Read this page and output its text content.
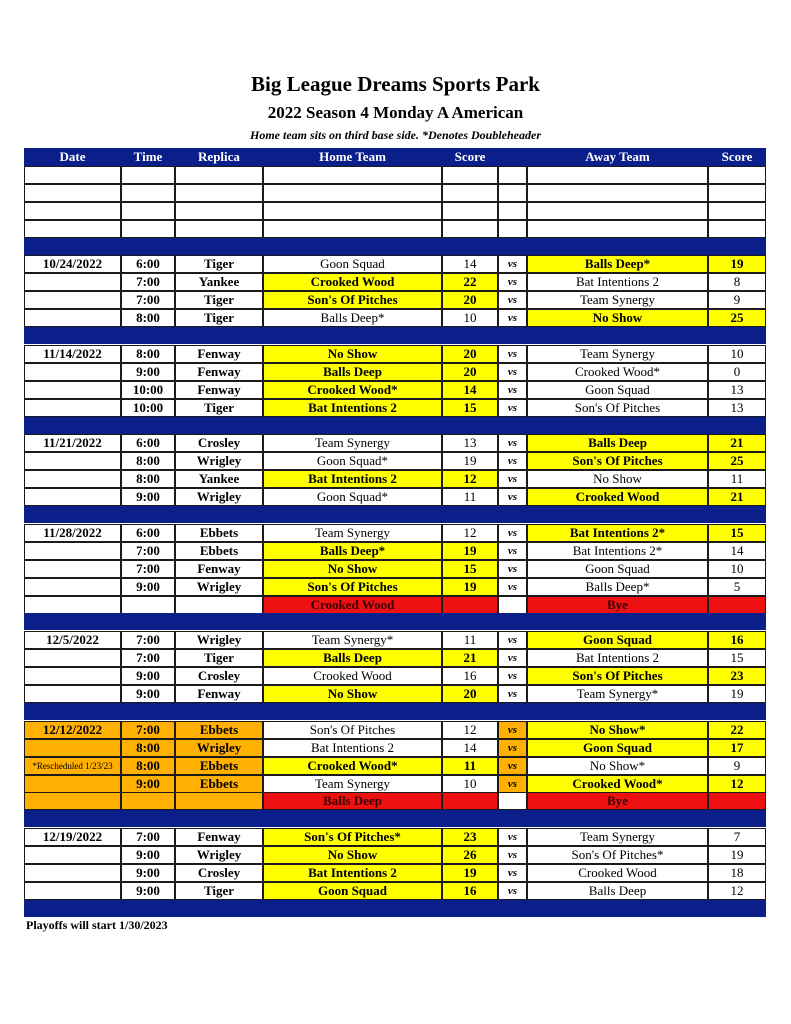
Big League Dreams Sports Park
2022 Season 4 Monday A American
Home team sits on third base side. *Denotes Doubleheader
Date	Time	Replica	Home Team	Score	Away Team	Score
10/24/2022	6:00	Tiger	Goon Squad	14	vs	Balls Deep*	19
7:00	Yankee	Crooked Wood	22	vs	Bat Intentions 2	8
7:00	Tiger	Son's Of Pitches	20	vs	Team Synergy	9
8:00	Tiger	Balls Deep*	10	vs	No Show	25
11/14/2022	8:00	Fenway	No Show	20	vs	Team Synergy	10
9:00	Fenway	Balls Deep	20	vs	Crooked Wood*	0
10:00	Fenway	Crooked Wood*	14	vs	Goon Squad	13
10:00	Tiger	Bat Intentions 2	15	vs	Son's Of Pitches	13
11/21/2022	6:00	Crosley	Team Synergy	13	vs	Balls Deep	21
8:00	Wrigley	Goon Squad*	19	vs	Son's Of Pitches	25
8:00	Yankee	Bat Intentions 2	12	vs	No Show	11
9:00	Wrigley	Goon Squad*	11	vs	Crooked Wood	21
11/28/2022	6:00	Ebbets	Team Synergy	12	vs	Bat Intentions 2*	15
7:00	Ebbets	Balls Deep*	19	vs	Bat Intentions 2*	14
7:00	Fenway	No Show	15	vs	Goon Squad	10
9:00	Wrigley	Son's Of Pitches	19	vs	Balls Deep*	5
Crooked Wood	Bye
12/5/2022	7:00	Wrigley	Team Synergy*	11	vs	Goon Squad	16
7:00	Tiger	Balls Deep	21	vs	Bat Intentions 2	15
9:00	Crosley	Crooked Wood	16	vs	Son's Of Pitches	23
9:00	Fenway	No Show	20	vs	Team Synergy*	19
12/12/2022	7:00	Ebbets	Son's Of Pitches	12	vs	No Show*	22
8:00	Wrigley	Bat Intentions 2	14	vs	Goon Squad	17
*Rescheduled 1/23/23	8:00	Ebbets	Crooked Wood*	11	vs	No Show*	9
9:00	Ebbets	Team Synergy	10	vs	Crooked Wood*	12
Balls Deep	Bye
12/19/2022	7:00	Fenway	Son's Of Pitches*	23	vs	Team Synergy	7
9:00	Wrigley	No Show	26	vs	Son's Of Pitches*	19
9:00	Crosley	Bat Intentions 2	19	vs	Crooked Wood	18
9:00	Tiger	Goon Squad	16	vs	Balls Deep	12
Playoffs will start 1/30/2023
